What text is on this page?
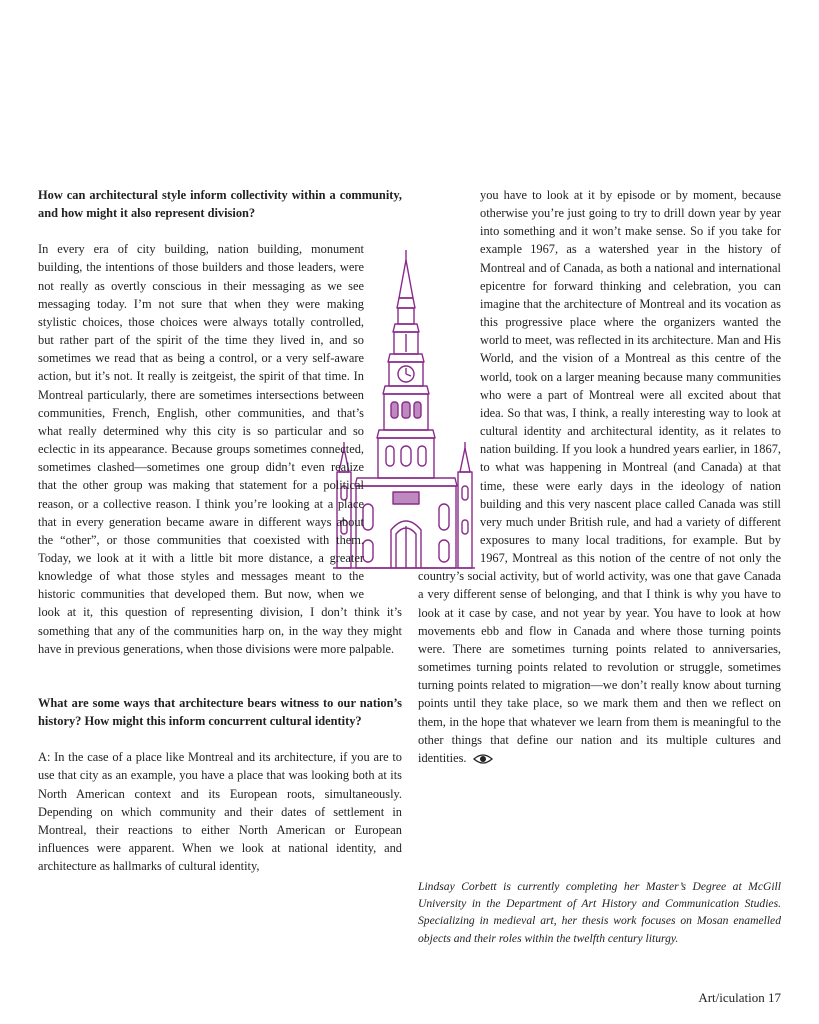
How can architectural style inform collectivity within a community, and how might it also represent division?

In every era of city building, nation building, monument building, the intentions of those builders and those leaders, were not really as overtly conscious in their messaging as we see messaging today. I’m not sure that when they were making stylistic choices, those choices were always totally controlled, but rather part of the spirit of the time they lived in, and so sometimes we read that as being a control, or a very self-aware action, but it’s not. It really is zeitgeist, the spirit of that time. In Montreal particularly, there are sometimes intersections between communities, French, English, other communities, and that’s what really determined why this city is so particular and so eclectic in its appearance. Because groups sometimes connected, sometimes clashed—sometimes one group didn’t even realize that the other group was making that statement for a political reason, or a collective reason. I think you’re looking at a place that in every generation became aware in different ways about the “other”, or those communities that coexisted with them. Today, we look at it with a little bit more distance, a greater knowledge of what those styles and messages meant to the historic communities that developed them. But now, when we look at it, this question of representing division, I don’t think it’s something that any of the communities harp on, in the way they might have in previous generations, when those divisions were more palpable.

What are some ways that architecture bears witness to our nation’s history? How might this inform concurrent cultural identity?

A: In the case of a place like Montreal and its architecture, if you are to use that city as an example, you have a place that was looking both at its North American context and its European roots, simultaneously. Depending on which community and their dates of settlement in Montreal, their reactions to either North American or European influences were apparent. When we look at national identity, and architecture as hallmarks of cultural identity,

you have to look at it by episode or by moment, because otherwise you’re just going to try to drill down year by year into something and it won’t make sense. So if you take for example 1967, as a watershed year in the history of Montreal and of Canada, as both a national and international epicentre for forward thinking and celebration, you can imagine that the architecture of Montreal and its vocation as this progressive place where the organizers wanted the world to meet, was reflected in its architecture. Man and His World, and the vision of a Montreal as this centre of the world, took on a larger meaning because many communities who were a part of Montreal were all excited about that idea. So that was, I think, a really interesting way to look at cultural identity and architectural identity, as it relates to nation building. If you look a hundred years earlier, in 1867, to what was happening in Montreal (and Canada) at that time, these were early days in the ideology of nation building and this very nascent place called Canada was still very much under British rule, and had a variety of different exposures to many local traditions, for example. But by 1967, Montreal as this notion of the centre of not only the country’s social activity, but of world activity, was one that gave Canada a very different sense of belonging, and that I think is why you have to look at it case by case, and not year by year. You have to look at how movements ebb and flow in Canada and where those turning points were. There are sometimes turning points related to anniversaries, sometimes turning points related to revolution or struggle, sometimes turning points related to migration—we don’t really know about turning points until they take place, so we mark them and then we reflect on them, in the hope that whatever we learn from them is meaningful to the other things that define our nation and its multiple cultures and identities.
Lindsay Corbett is currently completing her Master’s Degree at McGill University in the Department of Art History and Communication Studies. Specializing in medieval art, her thesis work focuses on Mosan enamelled objects and their roles within the twelfth century liturgy.
Art/iculation 17
